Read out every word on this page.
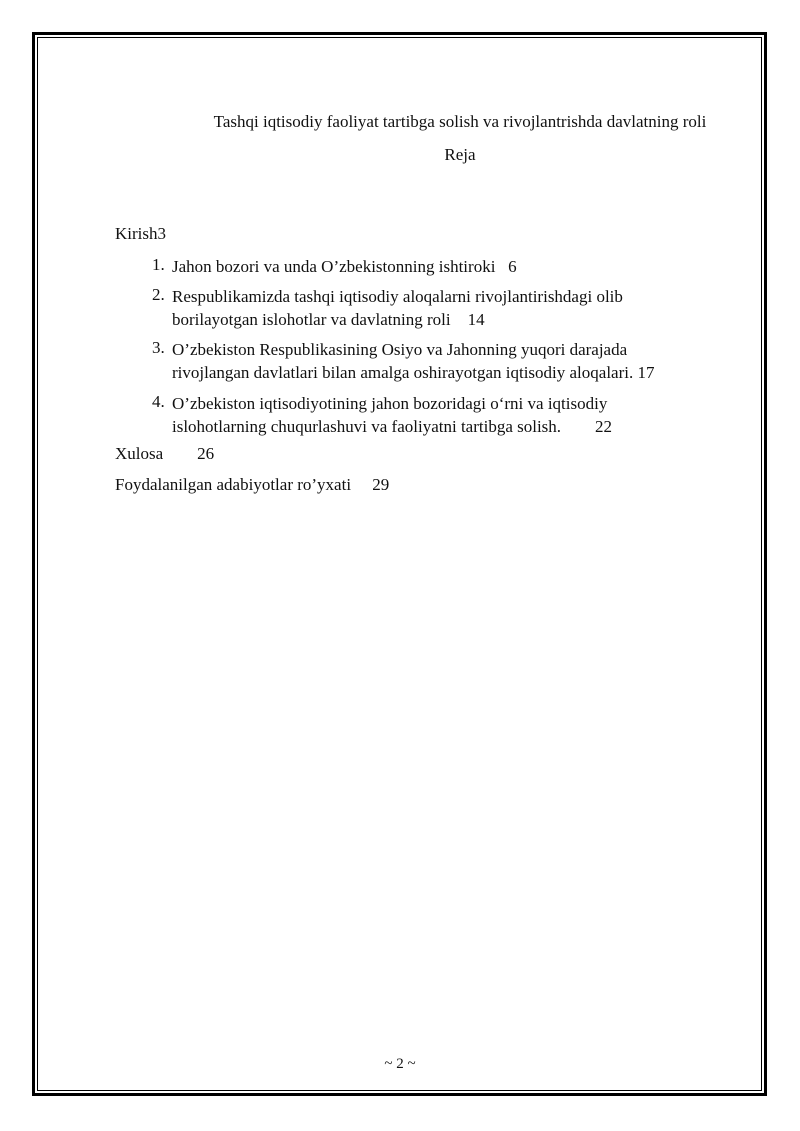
Tashqi iqtisodiy faoliyat tartibga solish va rivojlantrishda davlatning roli
Reja
Kirish3
1. Jahon bozori va unda O’zbekistonning ishtiroki 6
2. Respublikamizda tashqi iqtisodiy aloqalarni rivojlantirishdagi olib
borilayotgan islohotlar va davlatning roli 14
3. O’zbekiston Respublikasining Osiyo va Jahonning yuqori darajada
rivojlangan davlatlari bilan amalga oshirayotgan iqtisodiy aloqalari. 17
4. O’zbekiston iqtisodiyotining jahon bozoridagi o‘rni va iqtisodiy
islohotlarning chuqurlashuvi va faoliyatni tartibga solish. 22
Xulosa 26
Foydalanilgan adabiyotlar ro’yxati 29
~ 2 ~
